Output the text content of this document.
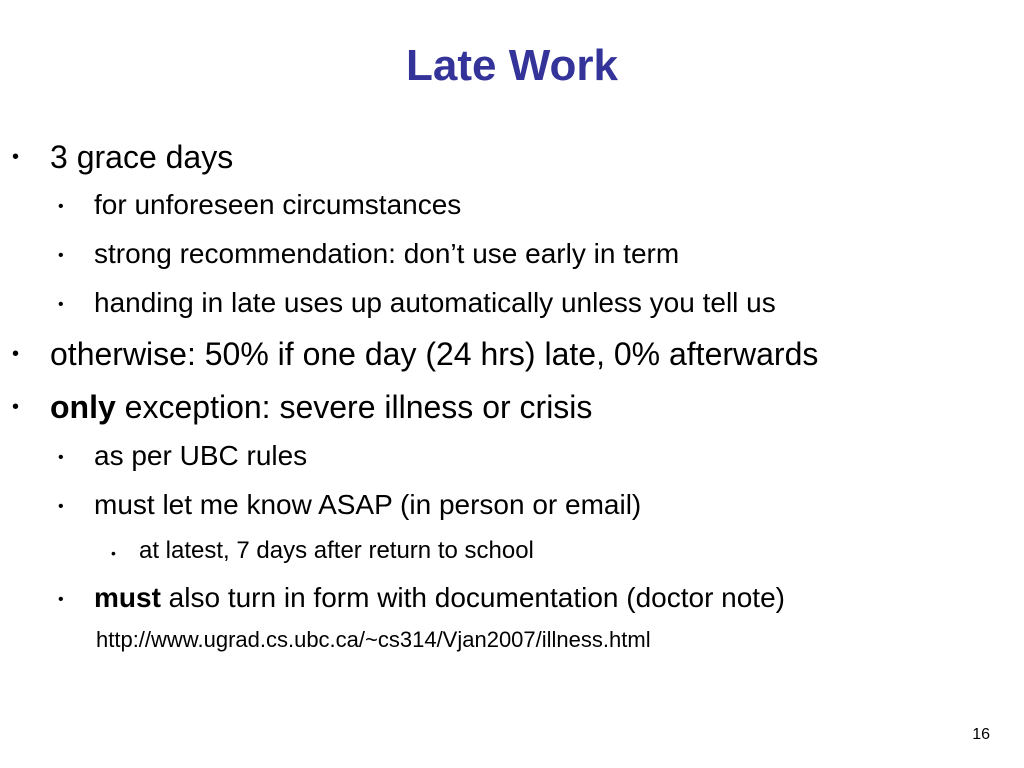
Late Work
• 3 grace days
• for unforeseen circumstances
• strong recommendation: don’t use early in term
• handing in late uses up automatically unless you tell us
• otherwise: 50% if one day (24 hrs) late, 0% afterwards
• only exception: severe illness or crisis
• as per UBC rules
• must let me know ASAP (in person or email)
• at latest, 7 days after return to school
• must also turn in form with documentation (doctor note)
http://www.ugrad.cs.ubc.ca/~cs314/Vjan2007/illness.html
16
